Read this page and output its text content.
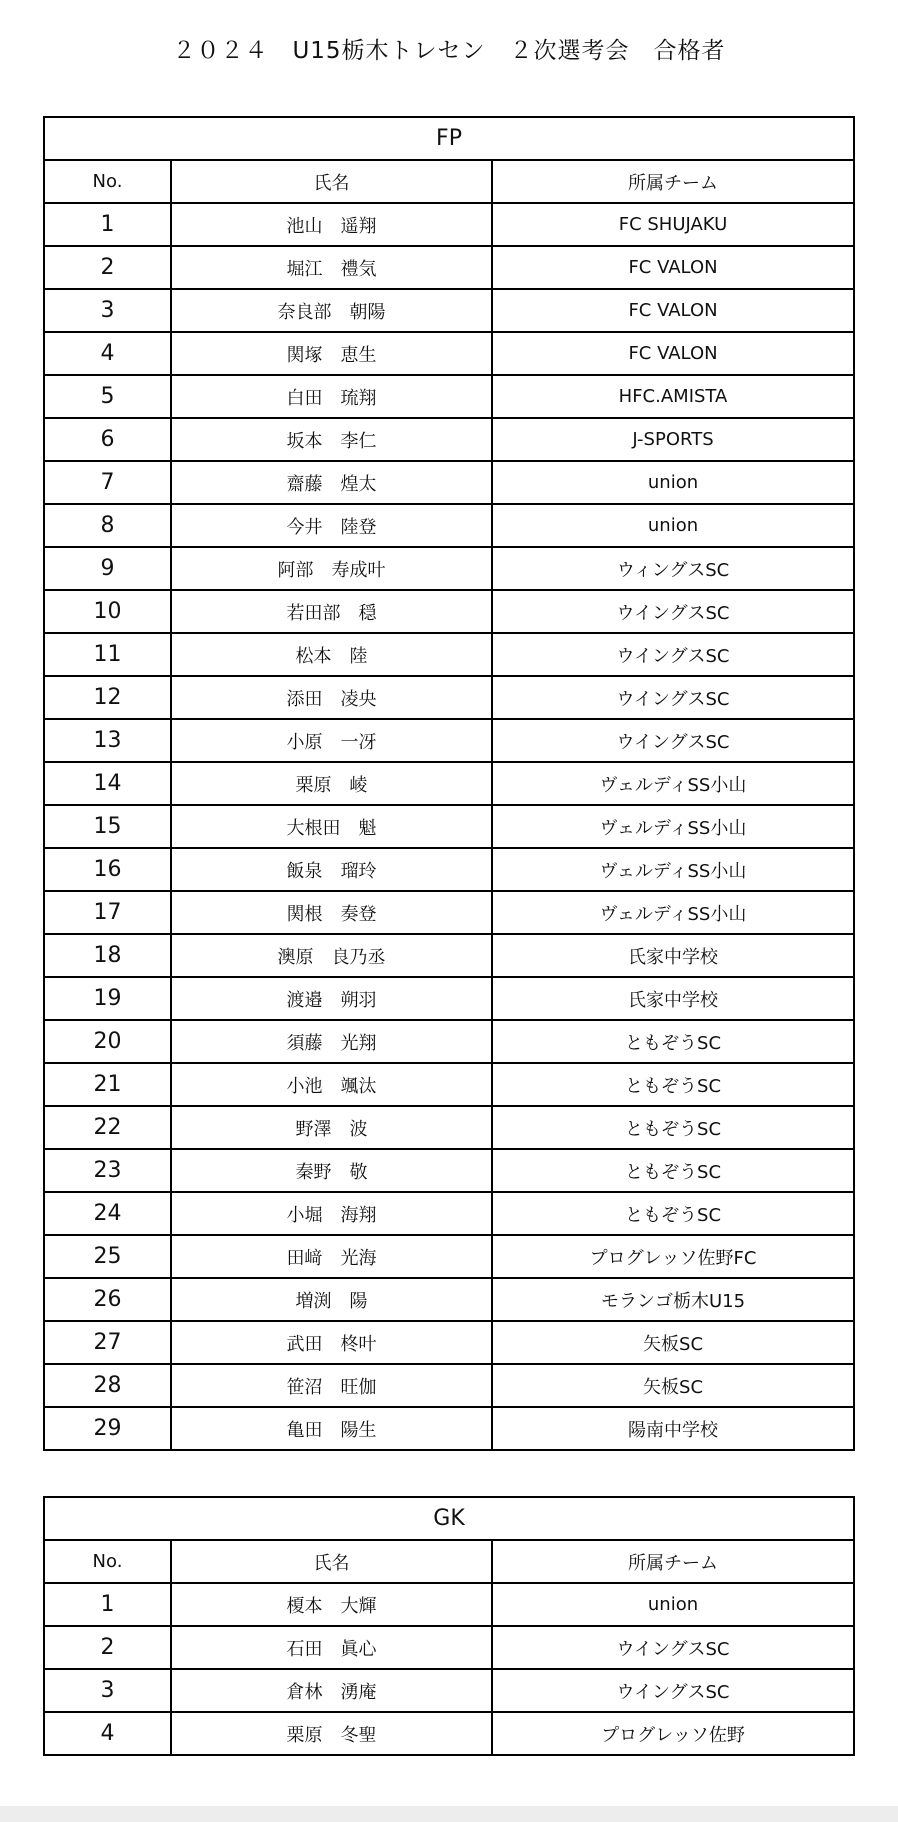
２０２４　U15栃木トレセン　２次選考会　合格者
FP		
No.	氏名	所属チーム
1	池山　遥翔	FC SHUJAKU
2	堀江　禮気	FC VALON
3	奈良部　朝陽	FC VALON
4	関塚　恵生	FC VALON
5	白田　琉翔	HFC.AMISTA
6	坂本　李仁	J-SPORTS
7	齋藤　煌太	union
8	今井　陸登	union
9	阿部　寿成叶	ウィングスSC
10	若田部　穏	ウイングスSC
11	松本　陸	ウイングスSC
12	添田　凌央	ウイングスSC
13	小原　一冴	ウイングスSC
14	栗原　崚	ヴェルディSS小山
15	大根田　魁	ヴェルディSS小山
16	飯泉　瑠玲	ヴェルディSS小山
17	関根　奏登	ヴェルディSS小山
18	澳原　良乃丞	氏家中学校
19	渡邉　朔羽	氏家中学校
20	須藤　光翔	ともぞうSC
21	小池　颯汰	ともぞうSC
22	野澤　波	ともぞうSC
23	秦野　敬	ともぞうSC
24	小堀　海翔	ともぞうSC
25	田﨑　光海	プログレッソ佐野FC
26	増渕　陽	モランゴ栃木U15
27	武田　柊叶	矢板SC
28	笹沼　旺伽	矢板SC
29	亀田　陽生	陽南中学校
GK		
No.	氏名	所属チーム
1	榎本　大輝	union
2	石田　眞心	ウイングスSC
3	倉林　湧庵	ウイングスSC
4	栗原　冬聖	プログレッソ佐野
